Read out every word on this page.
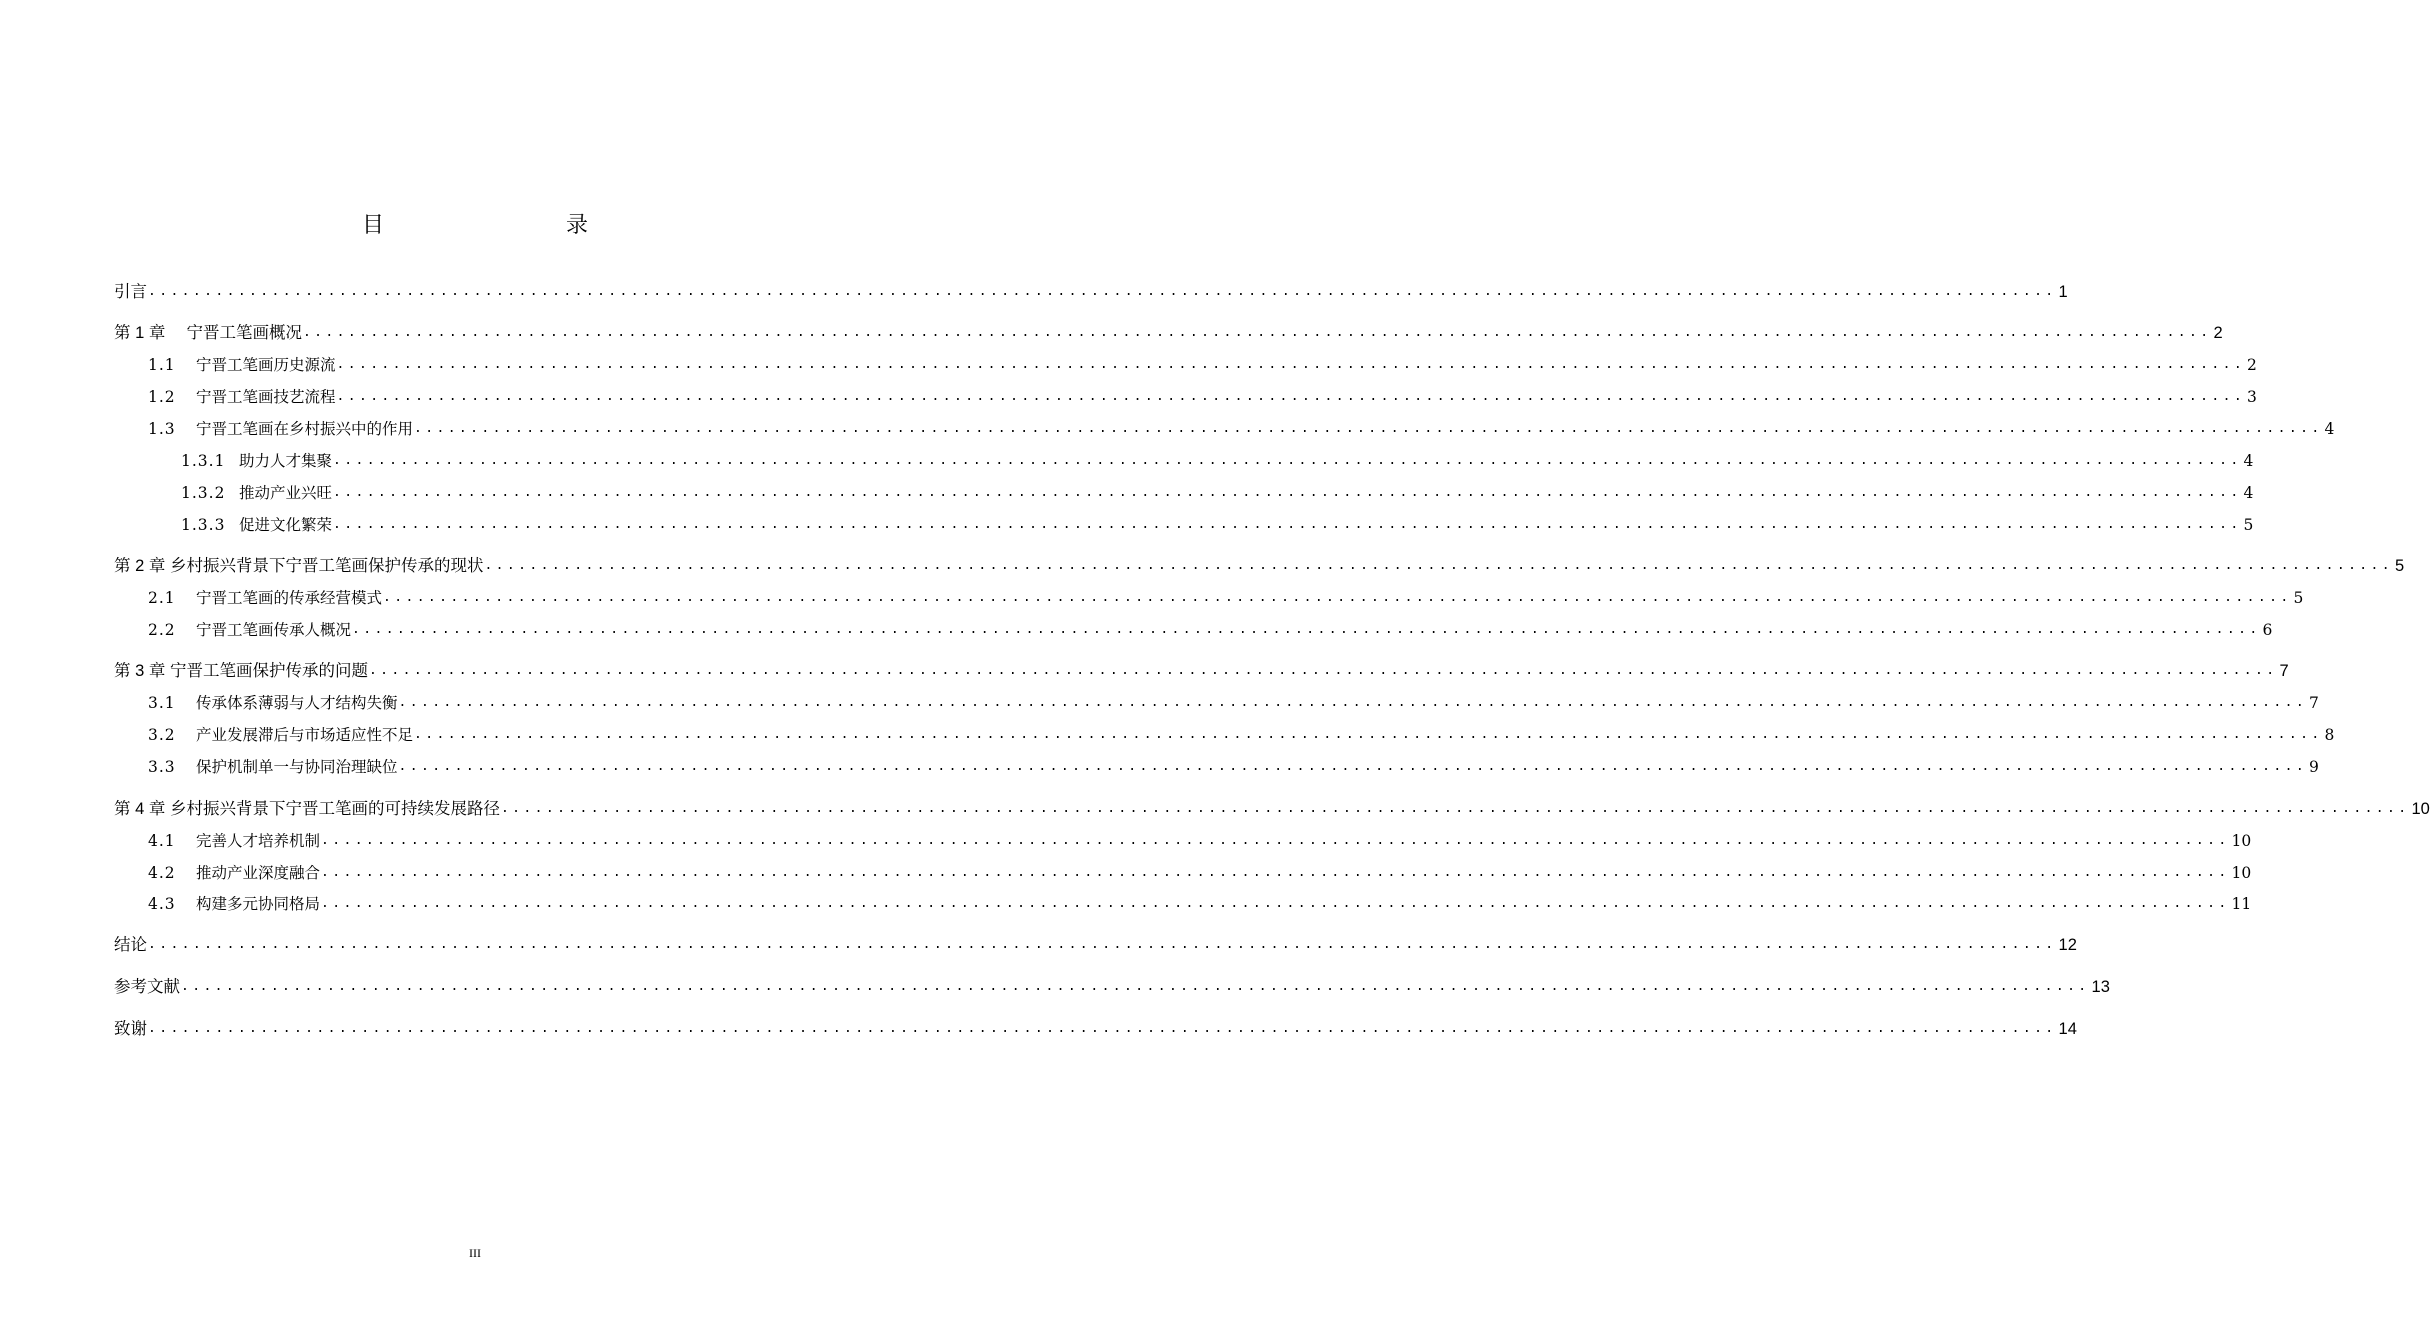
目　　录
引言 .......................................................................................................................................................................... 1
第 1 章 　宁晋工笔画概况 .......................................................................................................................................................................... 2
1.1 宁晋工笔画历史源流 .......................................................................................................................................................................... 2
1.2 宁晋工笔画技艺流程 .......................................................................................................................................................................... 3
1.3 宁晋工笔画在乡村振兴中的作用 .......................................................................................................................................................................... 4
1.3.1 助力人才集聚 .......................................................................................................................................................................... 4
1.3.2 推动产业兴旺 .......................................................................................................................................................................... 4
1.3.3 促进文化繁荣 .......................................................................................................................................................................... 5
第 2 章 乡村振兴背景下宁晋工笔画保护传承的现状 .......................................................................................................................................................................... 5
2.1 宁晋工笔画的传承经营模式 .......................................................................................................................................................................... 5
2.2 宁晋工笔画传承人概况 .......................................................................................................................................................................... 6
第 3 章 宁晋工笔画保护传承的问题 .......................................................................................................................................................................... 7
3.1 传承体系薄弱与人才结构失衡 .......................................................................................................................................................................... 7
3.2 产业发展滞后与市场适应性不足 .......................................................................................................................................................................... 8
3.3 保护机制单一与协同治理缺位 .......................................................................................................................................................................... 9
第 4 章 乡村振兴背景下宁晋工笔画的可持续发展路径 .......................................................................................................................................................................... 10
4.1 完善人才培养机制 .......................................................................................................................................................................... 10
4.2 推动产业深度融合 .......................................................................................................................................................................... 10
4.3 构建多元协同格局 .......................................................................................................................................................................... 11
结论 .......................................................................................................................................................................... 12
参考文献 .......................................................................................................................................................................... 13
致谢 .......................................................................................................................................................................... 14
III
